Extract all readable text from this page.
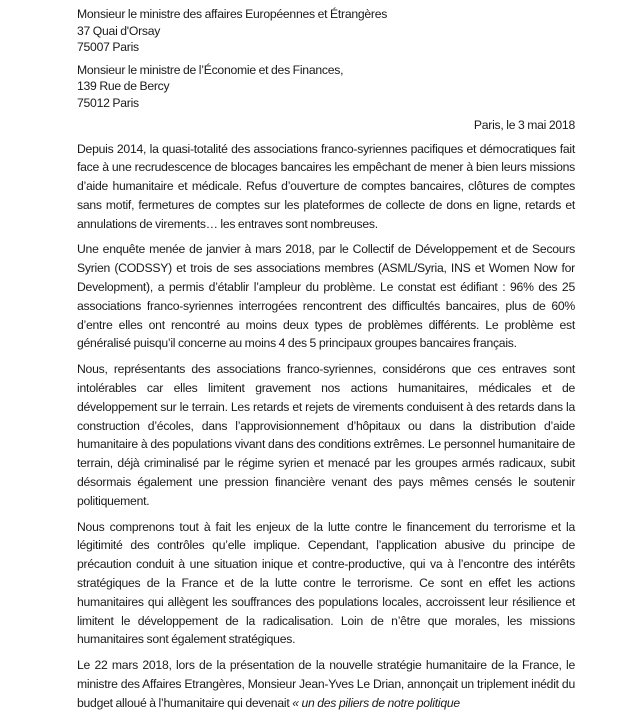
Monsieur le ministre des affaires Européennes et Étrangères
37 Quai d'Orsay
75007 Paris
Monsieur le ministre de l’Économie et des Finances,
139 Rue de Bercy
75012 Paris
Paris, le 3 mai 2018

Depuis 2014, la quasi-totalité des associations franco-syriennes pacifiques et démocratiques fait face à une recrudescence de blocages bancaires les empêchant de mener à bien leurs missions d’aide humanitaire et médicale. Refus d’ouverture de comptes bancaires, clôtures de comptes sans motif, fermetures de comptes sur les plateformes de collecte de dons en ligne, retards et annulations de virements… les entraves sont nombreuses.

Une enquête menée de janvier à mars 2018, par le Collectif de Développement et de Secours Syrien (CODSSY) et trois de ses associations membres (ASML/Syria, INS et Women Now for Development), a permis d’établir l’ampleur du problème. Le constat est édifiant : 96% des 25 associations franco-syriennes interrogées rencontrent des difficultés bancaires, plus de 60% d’entre elles ont rencontré au moins deux types de problèmes différents. Le problème est généralisé puisqu’il concerne au moins 4 des 5 principaux groupes bancaires français.

Nous, représentants des associations franco-syriennes, considérons que ces entraves sont intolérables car elles limitent gravement nos actions humanitaires, médicales et de développement sur le terrain. Les retards et rejets de virements conduisent à des retards dans la construction d’écoles, dans l’approvisionnement d’hôpitaux ou dans la distribution d’aide humanitaire à des populations vivant dans des conditions extrêmes. Le personnel humanitaire de terrain, déjà criminalisé par le régime syrien et menacé par les groupes armés radicaux, subit désormais également une pression financière venant des pays mêmes censés le soutenir politiquement.

Nous comprenons tout à fait les enjeux de la lutte contre le financement du terrorisme et la légitimité des contrôles qu’elle implique. Cependant, l’application abusive du principe de précaution conduit à une situation inique et contre-productive, qui va à l’encontre des intérêts stratégiques de la France et de la lutte contre le terrorisme. Ce sont en effet les actions humanitaires qui allègent les souffrances des populations locales, accroissent leur résilience et limitent le développement de la radicalisation. Loin de n’être que morales, les missions humanitaires sont également stratégiques.

Le 22 mars 2018, lors de la présentation de la nouvelle stratégie humanitaire de la France, le ministre des Affaires Etrangères, Monsieur Jean-Yves Le Drian, annonçait un triplement inédit du budget alloué à l’humanitaire qui devenait « un des piliers de notre politique
